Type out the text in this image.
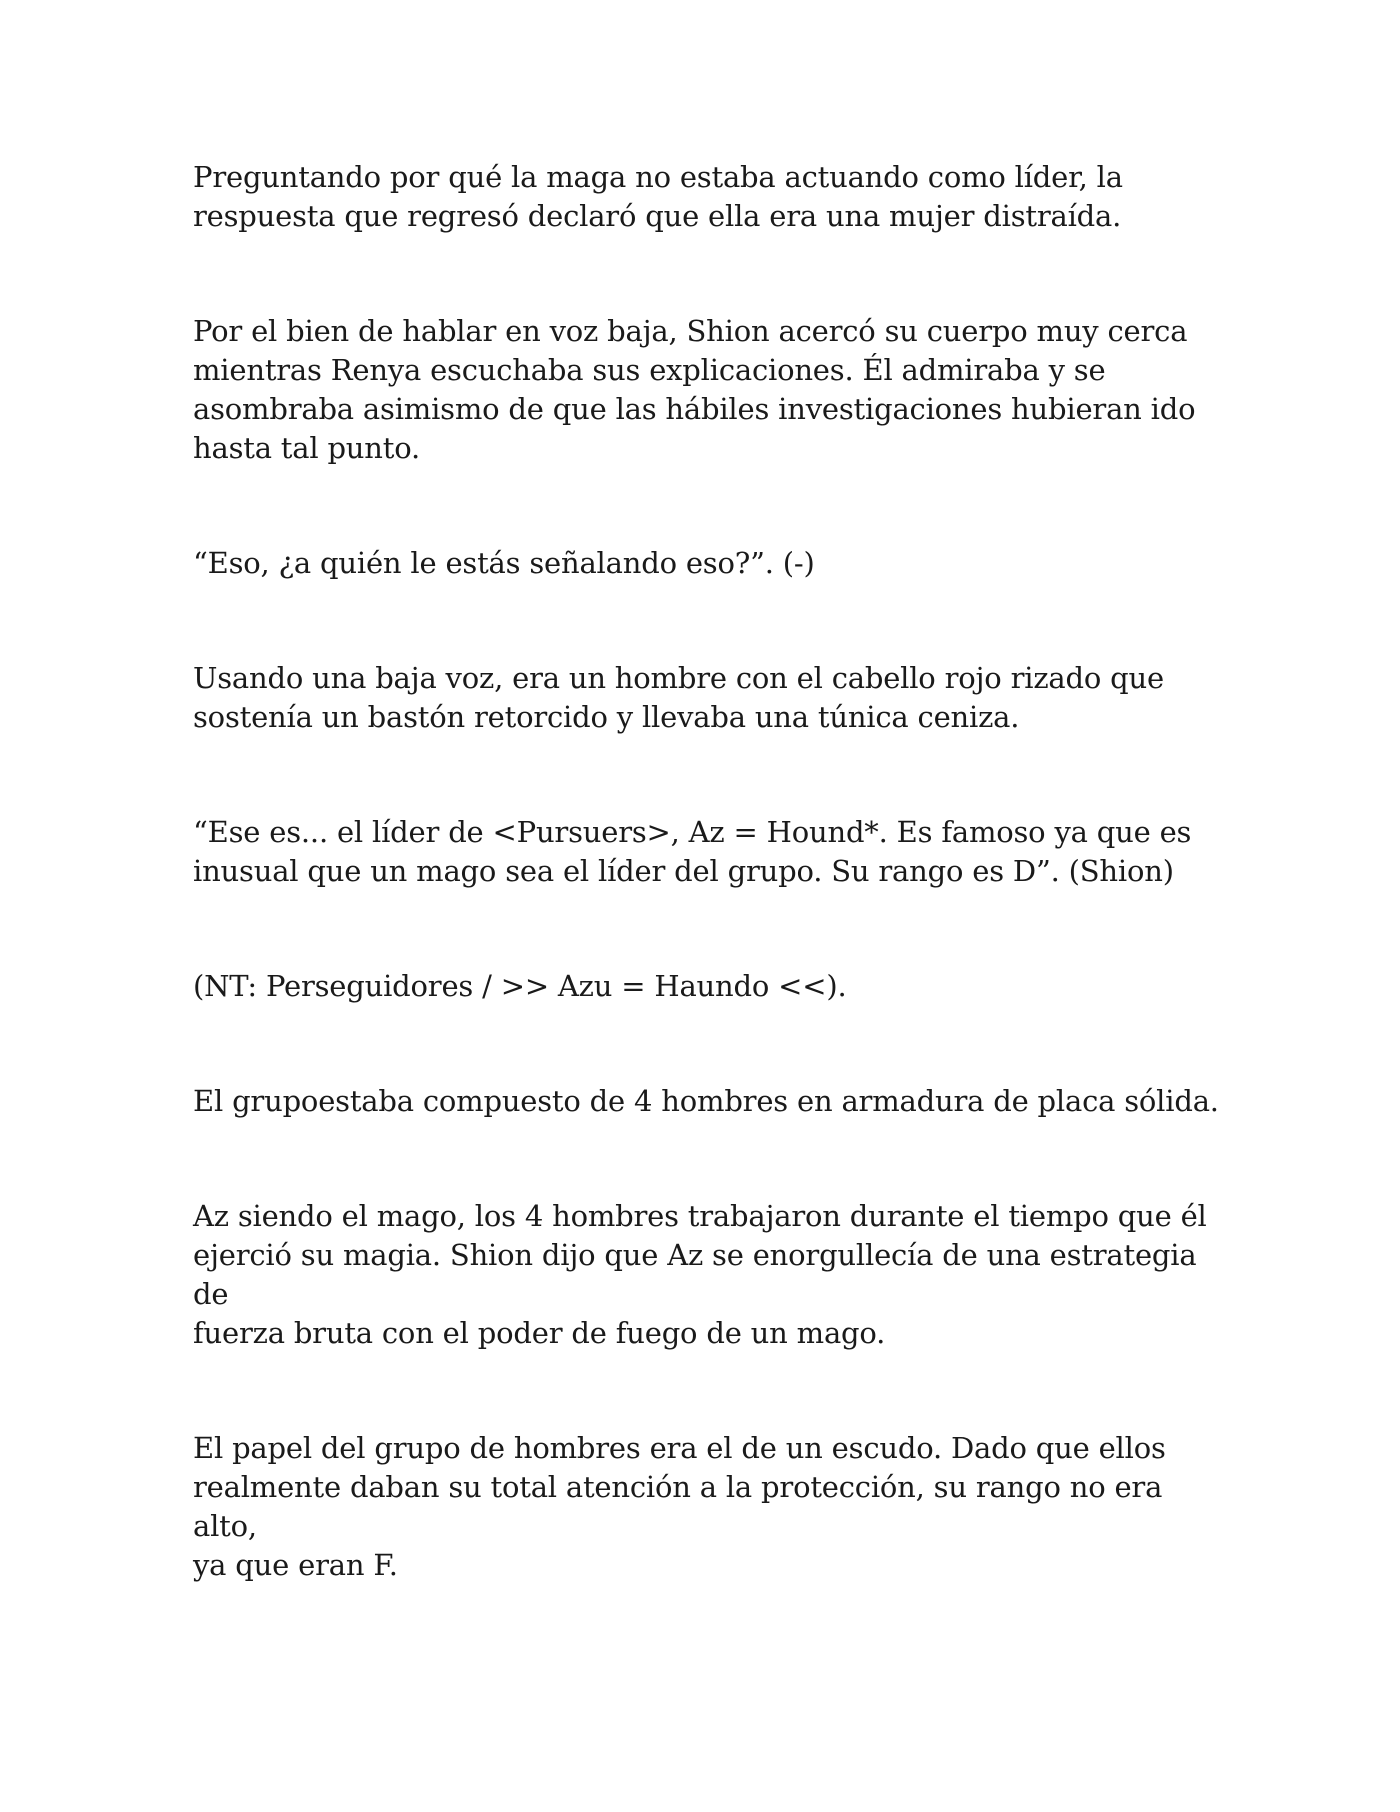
Preguntando por qué la maga no estaba actuando como líder, la
respuesta que regresó declaró que ella era una mujer distraída.

Por el bien de hablar en voz baja, Shion acercó su cuerpo muy cerca
mientras Renya escuchaba sus explicaciones. Él admiraba y se
asombraba asimismo de que las hábiles investigaciones hubieran ido
hasta tal punto.

“Eso, ¿a quién le estás señalando eso?”. (-)

Usando una baja voz, era un hombre con el cabello rojo rizado que
sostenía un bastón retorcido y llevaba una túnica ceniza.

“Ese es... el líder de <Pursuers>, Az = Hound*. Es famoso ya que es
inusual que un mago sea el líder del grupo. Su rango es D”. (Shion)

(NT: Perseguidores / >> Azu = Haundo <<).

El grupoestaba compuesto de 4 hombres en armadura de placa sólida.

Az siendo el mago, los 4 hombres trabajaron durante el tiempo que él
ejerció su magia. Shion dijo que Az se enorgullecía de una estrategia de
fuerza bruta con el poder de fuego de un mago.

El papel del grupo de hombres era el de un escudo. Dado que ellos
realmente daban su total atención a la protección, su rango no era alto,
ya que eran F.
